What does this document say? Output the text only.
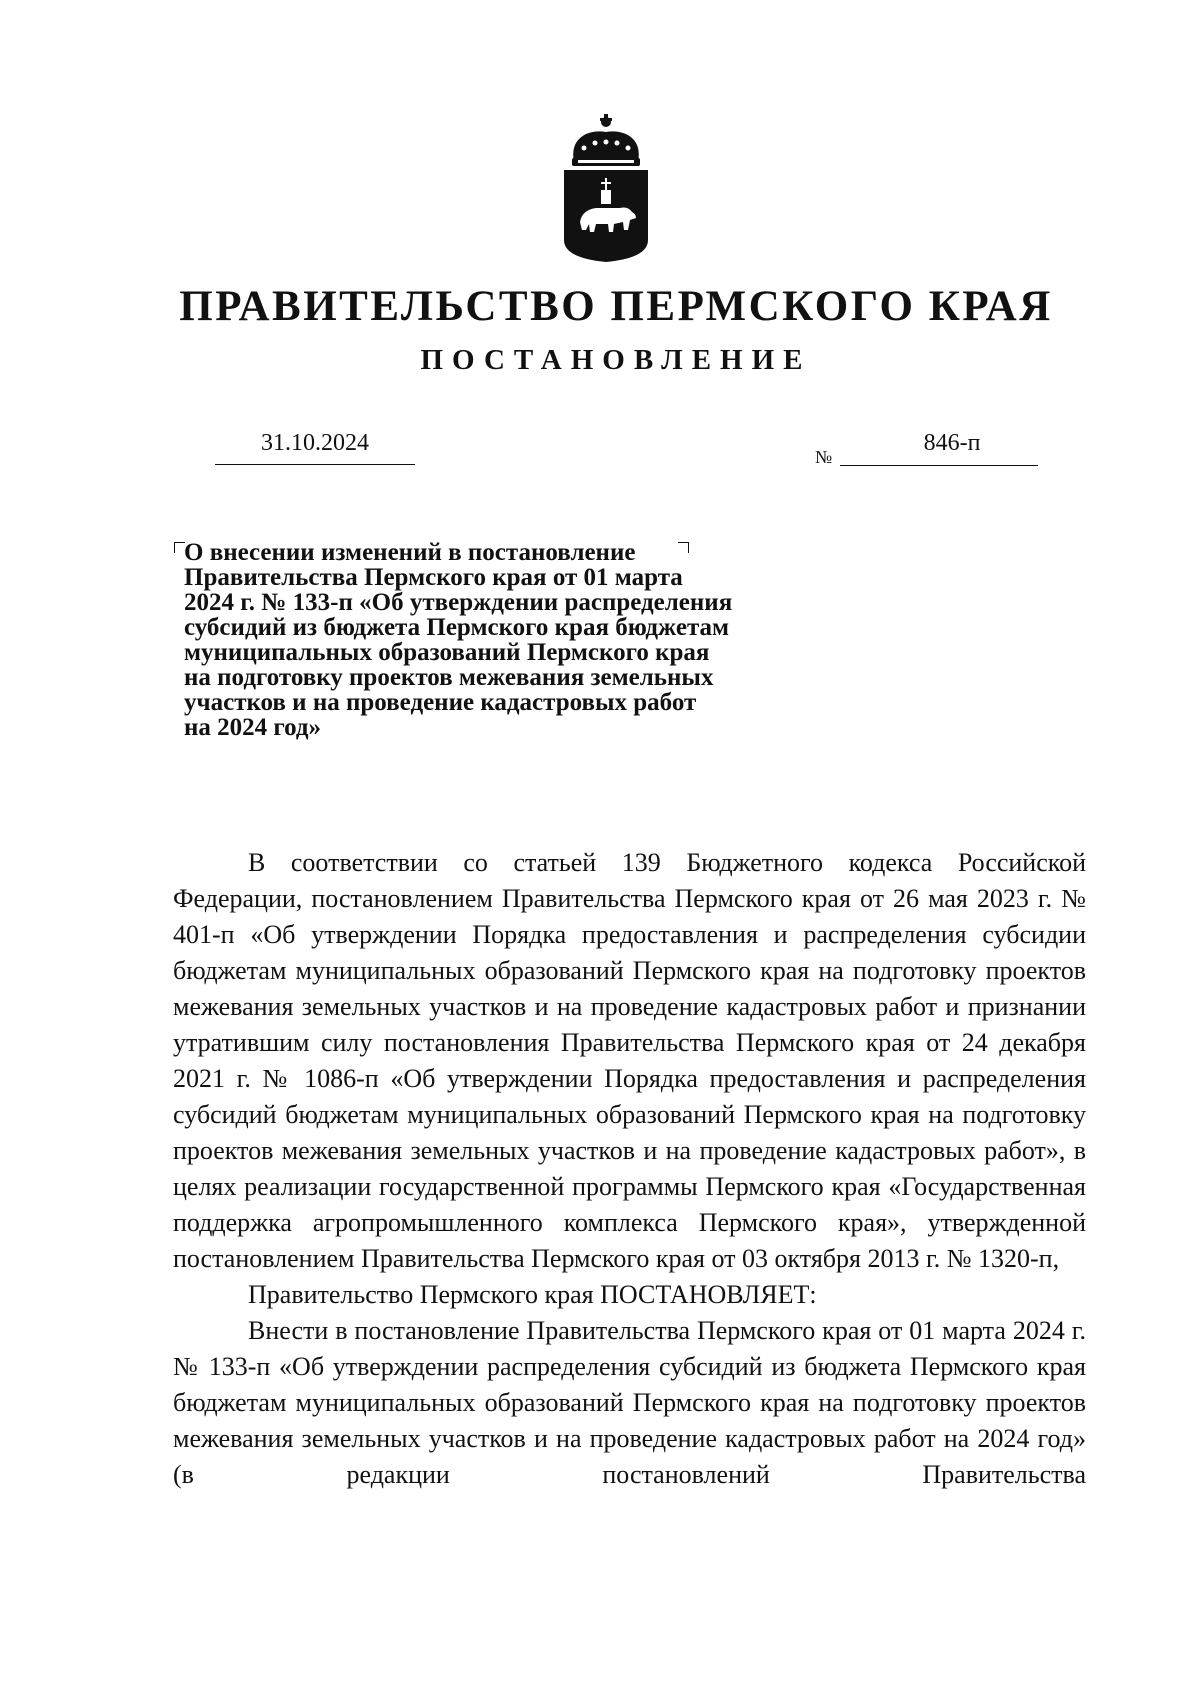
ПРАВИТЕЛЬСТВО ПЕРМСКОГО КРАЯ
ПОСТАНОВЛЕНИЕ
31.10.2024
№
846-п
О внесении изменений в постановление
Правительства Пермского края от 01 марта
2024 г. № 133-п «Об утверждении распределения
субсидий из бюджета Пермского края бюджетам
муниципальных образований Пермского края
на подготовку проектов межевания земельных
участков и на проведение кадастровых работ
на 2024 год»

В соответствии со статьей 139 Бюджетного кодекса Российской Федерации, постановлением Правительства Пермского края от 26 мая 2023 г. № 401-п «Об утверждении Порядка предоставления и распределения субсидии бюджетам муниципальных образований Пермского края на подготовку проектов межевания земельных участков и на проведение кадастровых работ и признании утратившим силу постановления Правительства Пермского края от 24 декабря 2021 г. № 1086-п «Об утверждении Порядка предоставления и распределения субсидий бюджетам муниципальных образований Пермского края на подготовку проектов межевания земельных участков и на проведение кадастровых работ», в целях реализации государственной программы Пермского края «Государственная поддержка агропромышленного комплекса Пермского края», утвержденной постановлением Правительства Пермского края от 03 октября 2013 г. № 1320-п,

Правительство Пермского края ПОСТАНОВЛЯЕТ:

Внести в постановление Правительства Пермского края от 01 марта 2024 г. № 133-п «Об утверждении распределения субсидий из бюджета Пермского края бюджетам муниципальных образований Пермского края на подготовку проектов межевания земельных участков и на проведение кадастровых работ на 2024 год» (в редакции постановлений Правительства
